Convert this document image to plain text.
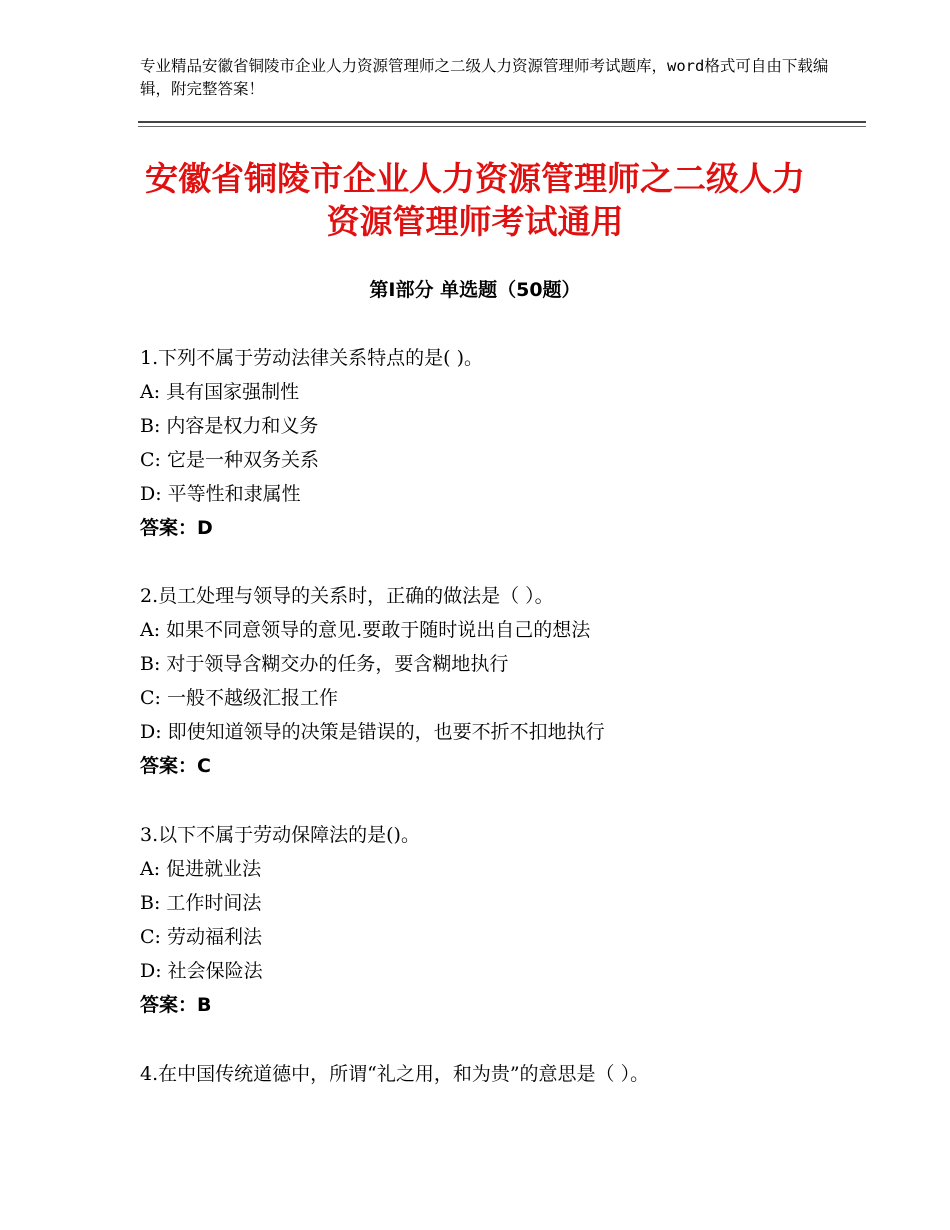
专业精品安徽省铜陵市企业人力资源管理师之二级人力资源管理师考试题库，word格式可自由下载编辑，附完整答案！
安徽省铜陵市企业人力资源管理师之二级人力资源管理师考试通用
第Ⅰ部分 单选题（50题）
1.下列不属于劳动法律关系特点的是( )。
A: 具有国家强制性
B: 内容是权力和义务
C: 它是一种双务关系
D: 平等性和隶属性
答案：D
2.员工处理与领导的关系时，正确的做法是（ ）。
A: 如果不同意领导的意见.要敢于随时说出自己的想法
B: 对于领导含糊交办的任务，要含糊地执行
C: 一般不越级汇报工作
D: 即使知道领导的决策是错误的，也要不折不扣地执行
答案：C
3.以下不属于劳动保障法的是()。
A: 促进就业法
B: 工作时间法
C: 劳动福利法
D: 社会保险法
答案：B
4.在中国传统道德中，所谓“礼之用，和为贵”的意思是（ ）。
